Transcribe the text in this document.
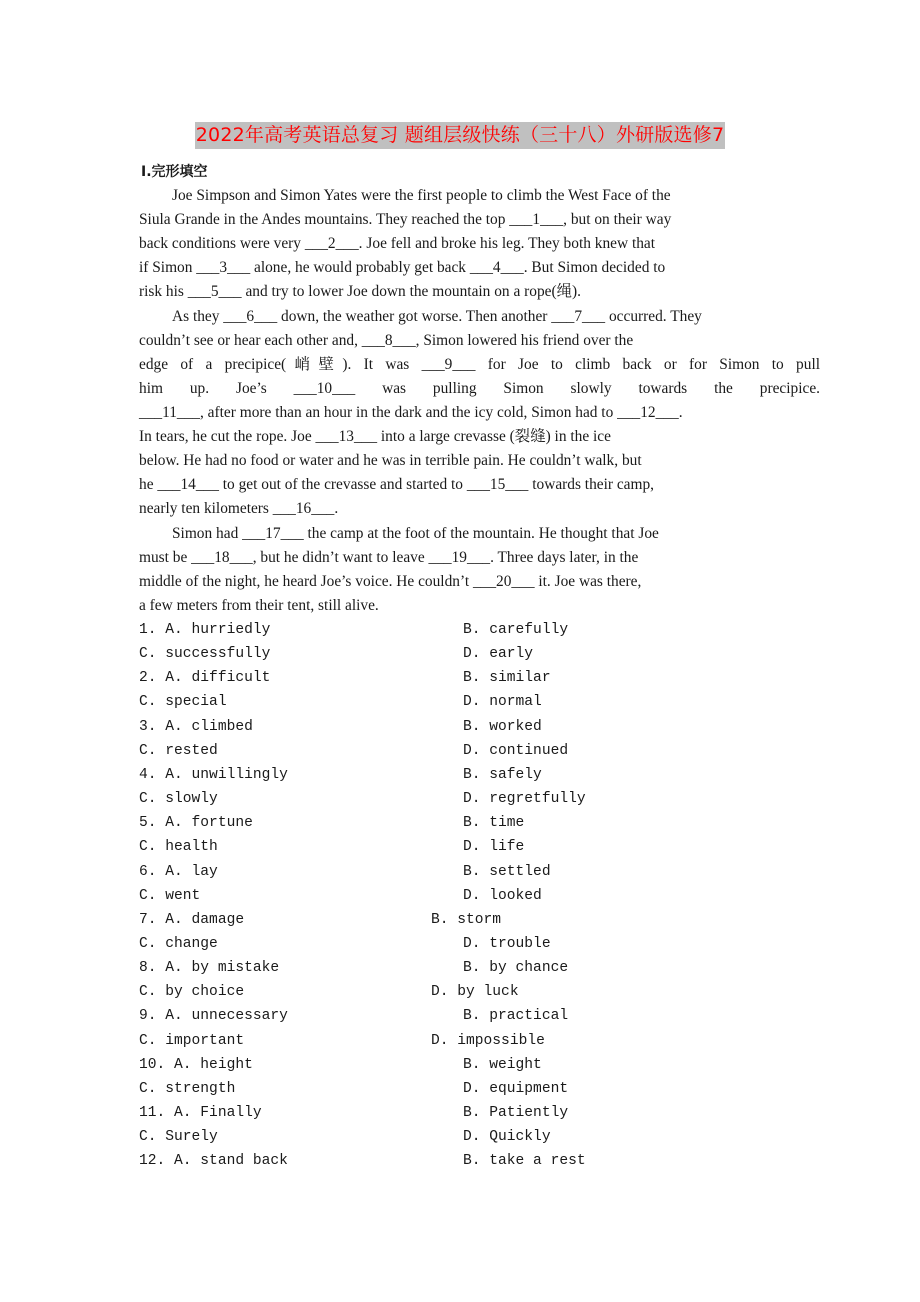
2022年高考英语总复习 题组层级快练（三十八）外研版选修7
Ⅰ.完形填空
Joe Simpson and Simon Yates were the first people to climb the West Face of the
Siula Grande in the Andes mountains. They reached the top ___1___, but on their way
back conditions were very ___2___. Joe fell and broke his leg. They both knew that
if Simon ___3___ alone, he would probably get back ___4___. But Simon decided to
risk his ___5___ and try to lower Joe down the mountain on a rope(绳).
As they ___6___ down, the weather got worse. Then another ___7___ occurred. They
couldn’t see or hear each other and, ___8___, Simon lowered his friend over the
edge of a precipice(峭壁). It was ___9___ for Joe to climb back or for Simon to pull
him up. Joe’s ___10___ was pulling Simon slowly towards the precipice.
___11___, after more than an hour in the dark and the icy cold, Simon had to ___12___.
In tears, he cut the rope. Joe ___13___ into a large crevasse (裂缝) in the ice
below. He had no food or water and he was in terrible pain. He couldn’t walk, but
he ___14___ to get out of the crevasse and started to ___15___ towards their camp,
nearly ten kilometers ___16___.
Simon had ___17___ the camp at the foot of the mountain. He thought that Joe
must be ___18___, but he didn’t want to leave ___19___. Three days later, in the
middle of the night, he heard Joe’s voice. He couldn’t ___20___ it. Joe was there,
a few meters from their tent, still alive.
1. A. hurriedly	B. carefully
C. successfully	D. early
2. A. difficult	B. similar
C. special	D. normal
3. A. climbed	B. worked
C. rested	D. continued
4. A. unwillingly	B. safely
C. slowly	D. regretfully
5. A. fortune	B. time
C. health	D. life
6. A. lay	B. settled
C. went	D. looked
7. A. damage	B. storm
C. change	D. trouble
8. A. by mistake	B. by chance
C. by choice	D. by luck
9. A. unnecessary	B. practical
C. important	D. impossible
10. A. height	B. weight
C. strength	D. equipment
11. A. Finally	B. Patiently
C. Surely	D. Quickly
12. A. stand back	B. take a rest
